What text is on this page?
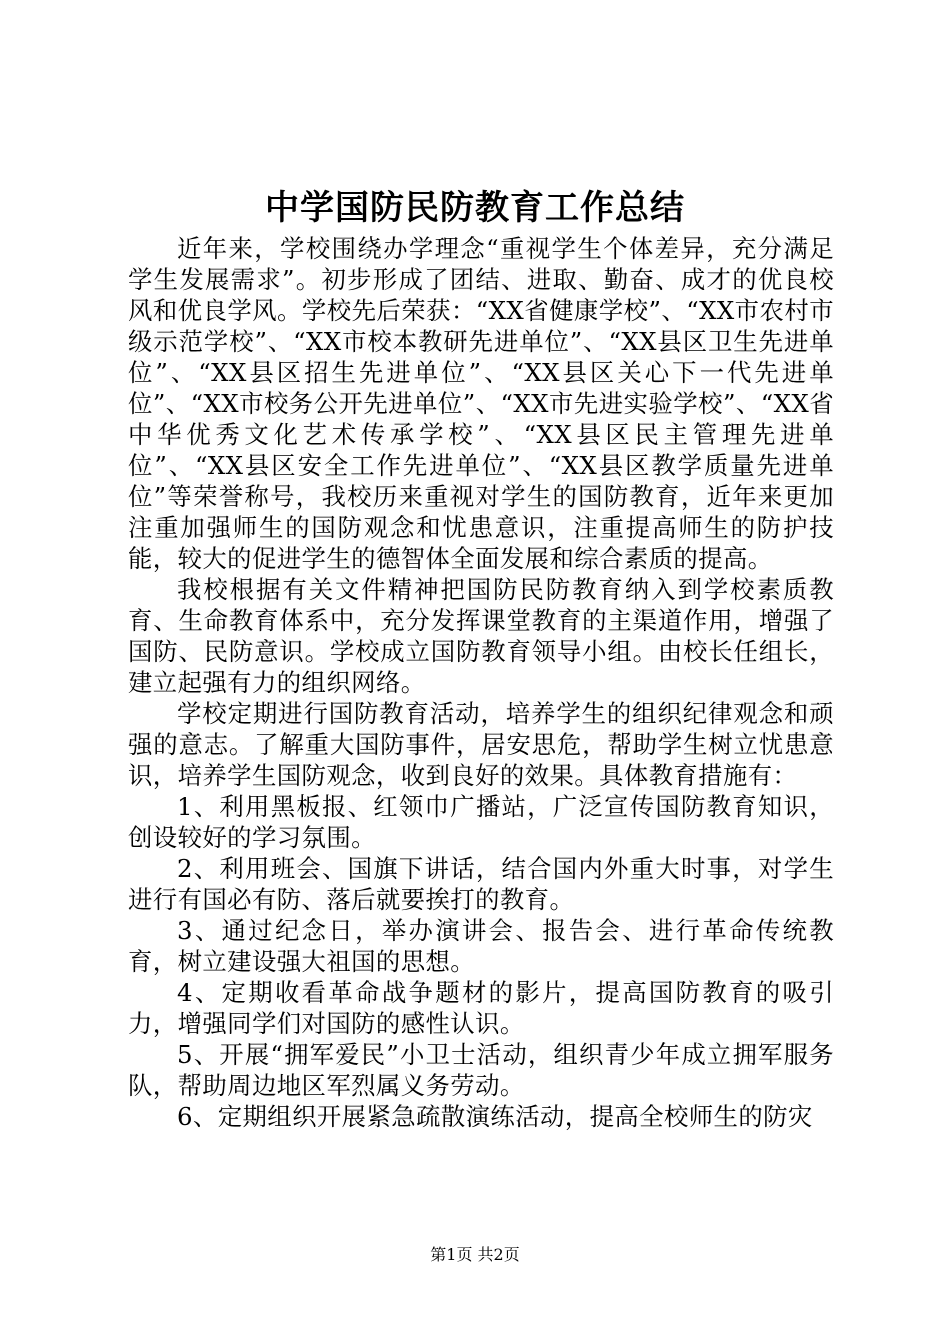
中学国防民防教育工作总结

近年来，学校围绕办学理念“重视学生个体差异，充分满足学生发展需求”。初步形成了团结、进取、勤奋、成才的优良校风和优良学风。学校先后荣获：“XX省健康学校”、“XX市农村市级示范学校”、“XX市校本教研先进单位”、“XX县区卫生先进单位”、“XX县区招生先进单位”、“XX县区关心下一代先进单位”、“XX市校务公开先进单位”、“XX市先进实验学校”、“XX省中华优秀文化艺术传承学校”、“XX县区民主管理先进单位”、“XX县区安全工作先进单位”、“XX县区教学质量先进单位”等荣誉称号，我校历来重视对学生的国防教育，近年来更加注重加强师生的国防观念和忧患意识，注重提高师生的防护技能，较大的促进学生的德智体全面发展和综合素质的提高。

我校根据有关文件精神把国防民防教育纳入到学校素质教育、生命教育体系中，充分发挥课堂教育的主渠道作用，增强了国防、民防意识。学校成立国防教育领导小组。由校长任组长，建立起强有力的组织网络。

学校定期进行国防教育活动，培养学生的组织纪律观念和顽强的意志。了解重大国防事件，居安思危，帮助学生树立忧患意识，培养学生国防观念，收到良好的效果。具体教育措施有：

1、利用黑板报、红领巾广播站，广泛宣传国防教育知识，创设较好的学习氛围。

2、利用班会、国旗下讲话，结合国内外重大时事，对学生进行有国必有防、落后就要挨打的教育。

3、通过纪念日，举办演讲会、报告会、进行革命传统教育，树立建设强大祖国的思想。

4、定期收看革命战争题材的影片，提高国防教育的吸引力，增强同学们对国防的感性认识。

5、开展“拥军爱民”小卫士活动，组织青少年成立拥军服务队，帮助周边地区军烈属义务劳动。

6、定期组织开展紧急疏散演练活动，提高全校师生的防灾

第1页 共2页
